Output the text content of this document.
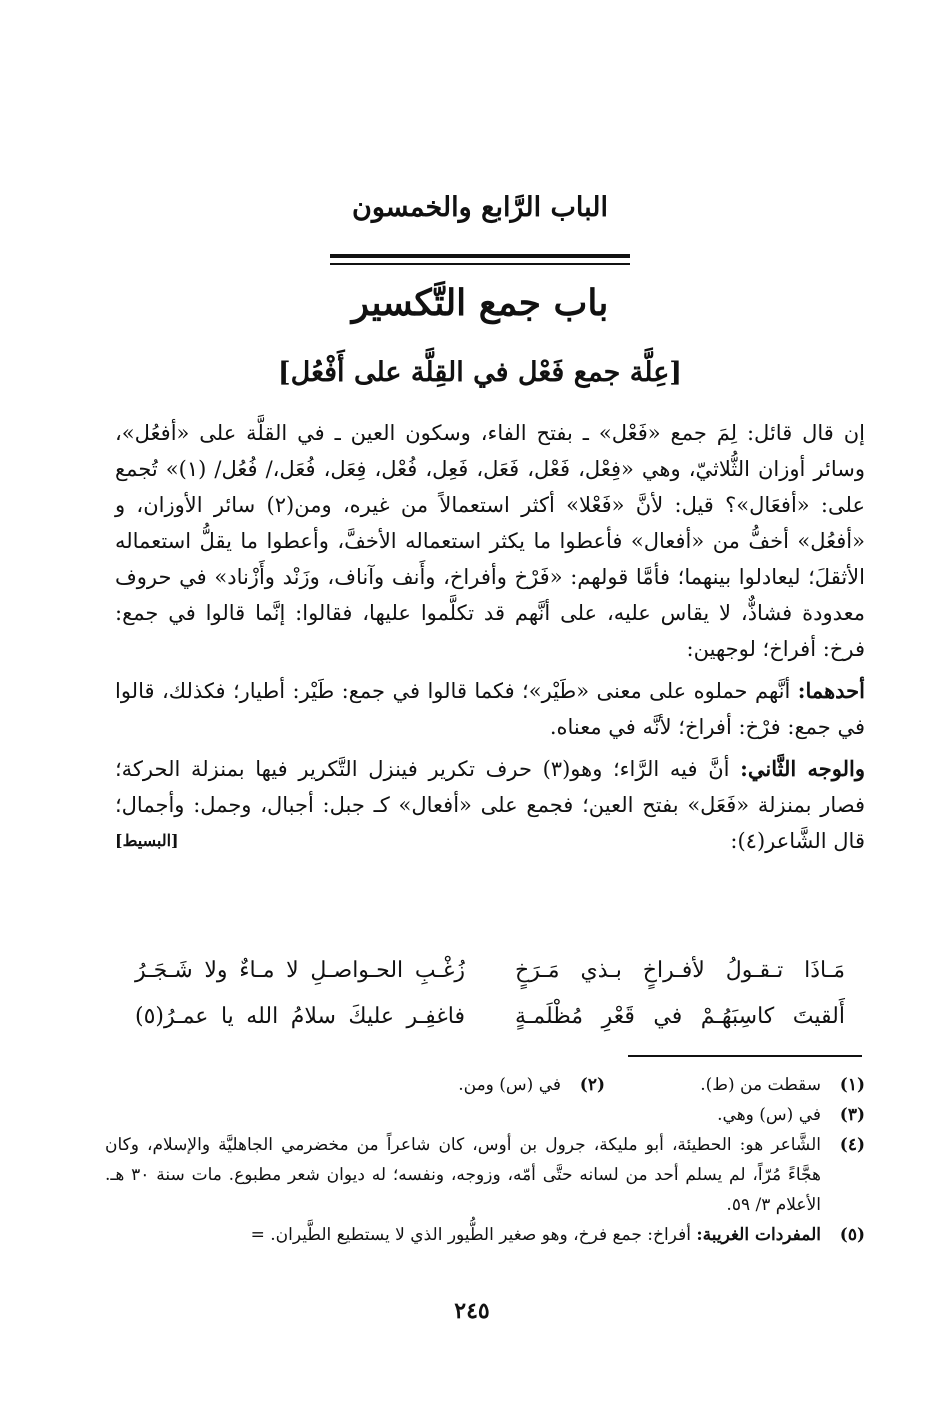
الباب الرَّابع والخمسون
باب جمع التَّكسير
[عِلَّة جمع فَعْل في القِلَّة على أَفْعُل]

إن قال قائل: لِمَ جمع «فَعْل» ـ بفتح الفاء، وسكون العين ـ في القلَّة على «أفعُل»، وسائر أوزان الثُّلاثيّ، وهي «فِعْل، فَعْل، فَعَل، فَعِل، فُعْل، فِعَل، فُعَل،/ فُعُل/ (١)» تُجمع على: «أفعَال»؟ قيل: لأنَّ «فَعْلا» أكثر استعمالاً من غيره، ومن(٢) سائر الأوزان، و «أفعُل» أخفُّ من «أفعال» فأعطوا ما يكثر استعماله الأخفَّ، وأعطوا ما يقلُّ استعماله الأثقلَ؛ ليعادلوا بينهما؛ فأمَّا قولهم: «فَرْخ وأفراخ، وأَنف وآناف، وزَنْد وأَزْناد» في حروف معدودة فشاذٌّ، لا يقاس عليه، على أنَّهم قد تكلَّموا عليها، فقالوا: إنَّما قالوا في جمع: فرخ: أفراخ؛ لوجهين:

أحدهما: أنَّهم حملوه على معنى «طَيْر»؛ فكما قالوا في جمع: طَيْر: أطيار؛ فكذلك، قالوا في جمع: فرْخ: أفراخ؛ لأنَّه في معناه.

والوجه الثَّاني: أنَّ فيه الرَّاء؛ وهو(٣) حرف تكرير فينزل التَّكرير فيها بمنزلة الحركة؛ فصار بمنزلة «فَعَل» بفتح العين؛ فجمع على «أفعال» كـ جبل: أجبال، وجمل: وأجمال؛ قال الشَّاعر(٤):
[البسيط]

مَـاذَا تـقـولُ لأفـراخٍ بـذي مَـرَخٍ
زُغْـبِ الحـواصـلِ لا مـاءٌ ولا شَـجَـرُ
أَلقيتَ كاسِبَهُـمْ في قَعْرِ مُظْلَمـةٍ
فاغفِـر عليكَ سلامُ الله يا عمـرُ(٥)
(١)
سقطت من (ط).
(٢)
في (س) ومن.
(٣)
في (س) وهي.
(٤)
الشَّاعر هو: الحطيئة، أبو مليكة، جرول بن أوس، كان شاعراً من مخضرمي الجاهليَّة والإسلام، وكان هجَّاءً مُرّاً، لم يسلم أحد من لسانه حتَّى أمّه، وزوجه، ونفسه؛ له ديوان شعر مطبوع. مات سنة ٣٠ هـ. الأعلام ٣/ ٥٩.
(٥)
المفردات الغريبة: أفراخ: جمع فرخ، وهو صغير الطُّيور الذي لا يستطيع الطَّيران. =
٢٤٥
